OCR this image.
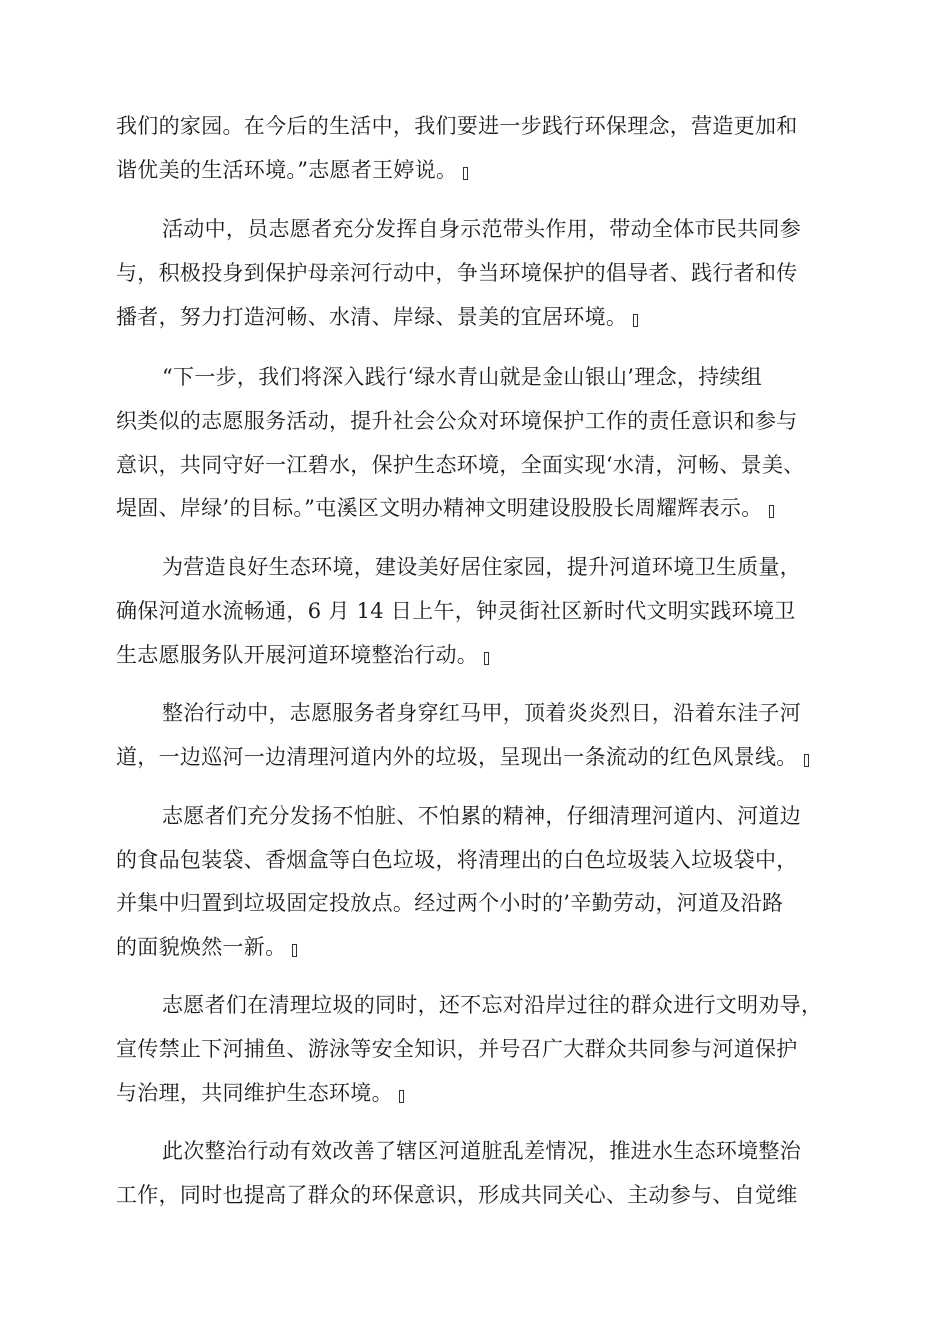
我们的家园。在今后的生活中，我们要进一步践行环保理念，营造更加和
谐优美的生活环境。”志愿者王婷说。
活动中，员志愿者充分发挥自身示范带头作用，带动全体市民共同参
与，积极投身到保护母亲河行动中，争当环境保护的倡导者、践行者和传
播者，努力打造河畅、水清、岸绿、景美的宜居环境。
“下一步，我们将深入践行‘绿水青山就是金山银山’理念，持续组
织类似的志愿服务活动，提升社会公众对环境保护工作的责任意识和参与
意识，共同守好一江碧水，保护生态环境，全面实现‘水清，河畅、景美、
堤固、岸绿’的目标。”屯溪区文明办精神文明建设股股长周耀辉表示。
为营造良好生态环境，建设美好居住家园，提升河道环境卫生质量，
确保河道水流畅通，6 月 14 日上午，钟灵街社区新时代文明实践环境卫
生志愿服务队开展河道环境整治行动。
整治行动中，志愿服务者身穿红马甲，顶着炎炎烈日，沿着东洼子河
道，一边巡河一边清理河道内外的垃圾，呈现出一条流动的红色风景线。
志愿者们充分发扬不怕脏、不怕累的精神，仔细清理河道内、河道边
的食品包装袋、香烟盒等白色垃圾，将清理出的白色垃圾装入垃圾袋中，
并集中归置到垃圾固定投放点。经过两个小时的’辛勤劳动，河道及沿路
的面貌焕然一新。
志愿者们在清理垃圾的同时，还不忘对沿岸过往的群众进行文明劝导，
宣传禁止下河捕鱼、游泳等安全知识，并号召广大群众共同参与河道保护
与治理，共同维护生态环境。
此次整治行动有效改善了辖区河道脏乱差情况，推进水生态环境整治
工作，同时也提高了群众的环保意识，形成共同关心、主动参与、自觉维
